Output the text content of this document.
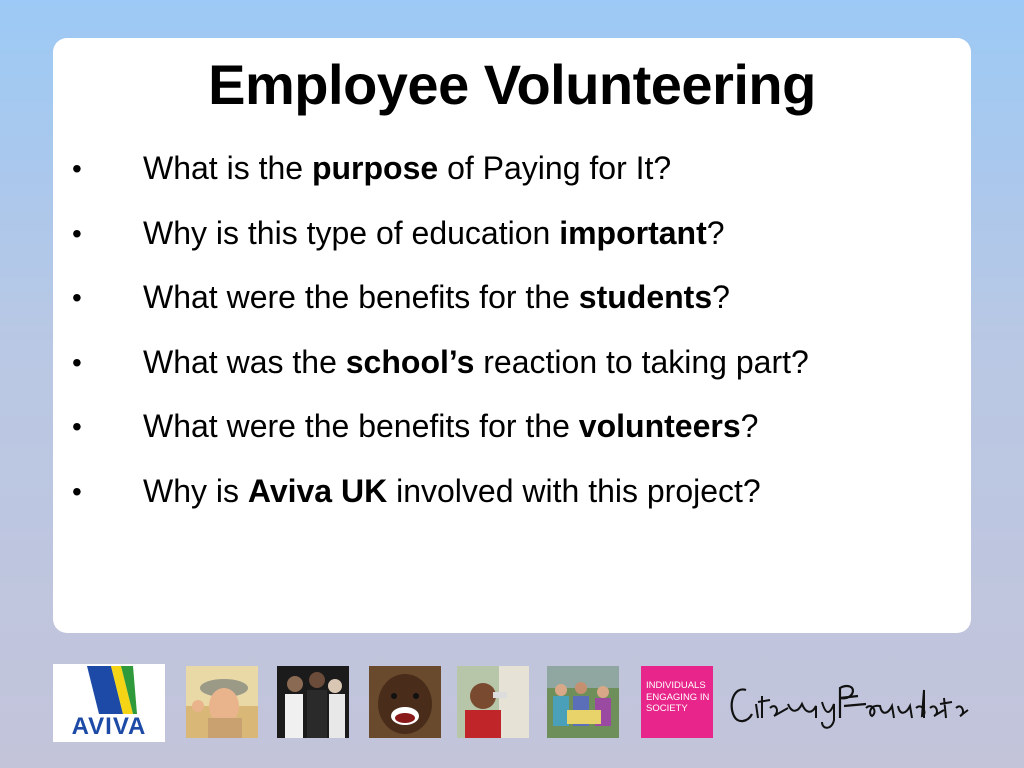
Employee Volunteering
• What is the purpose of Paying for It?
• Why is this type of education important?
• What were the benefits for the students?
• What was the school’s reaction to taking part?
• What were the benefits for the volunteers?
• Why is Aviva UK involved with this project?
AVIVA
INDIVIDUALS
ENGAGING IN
SOCIETY
